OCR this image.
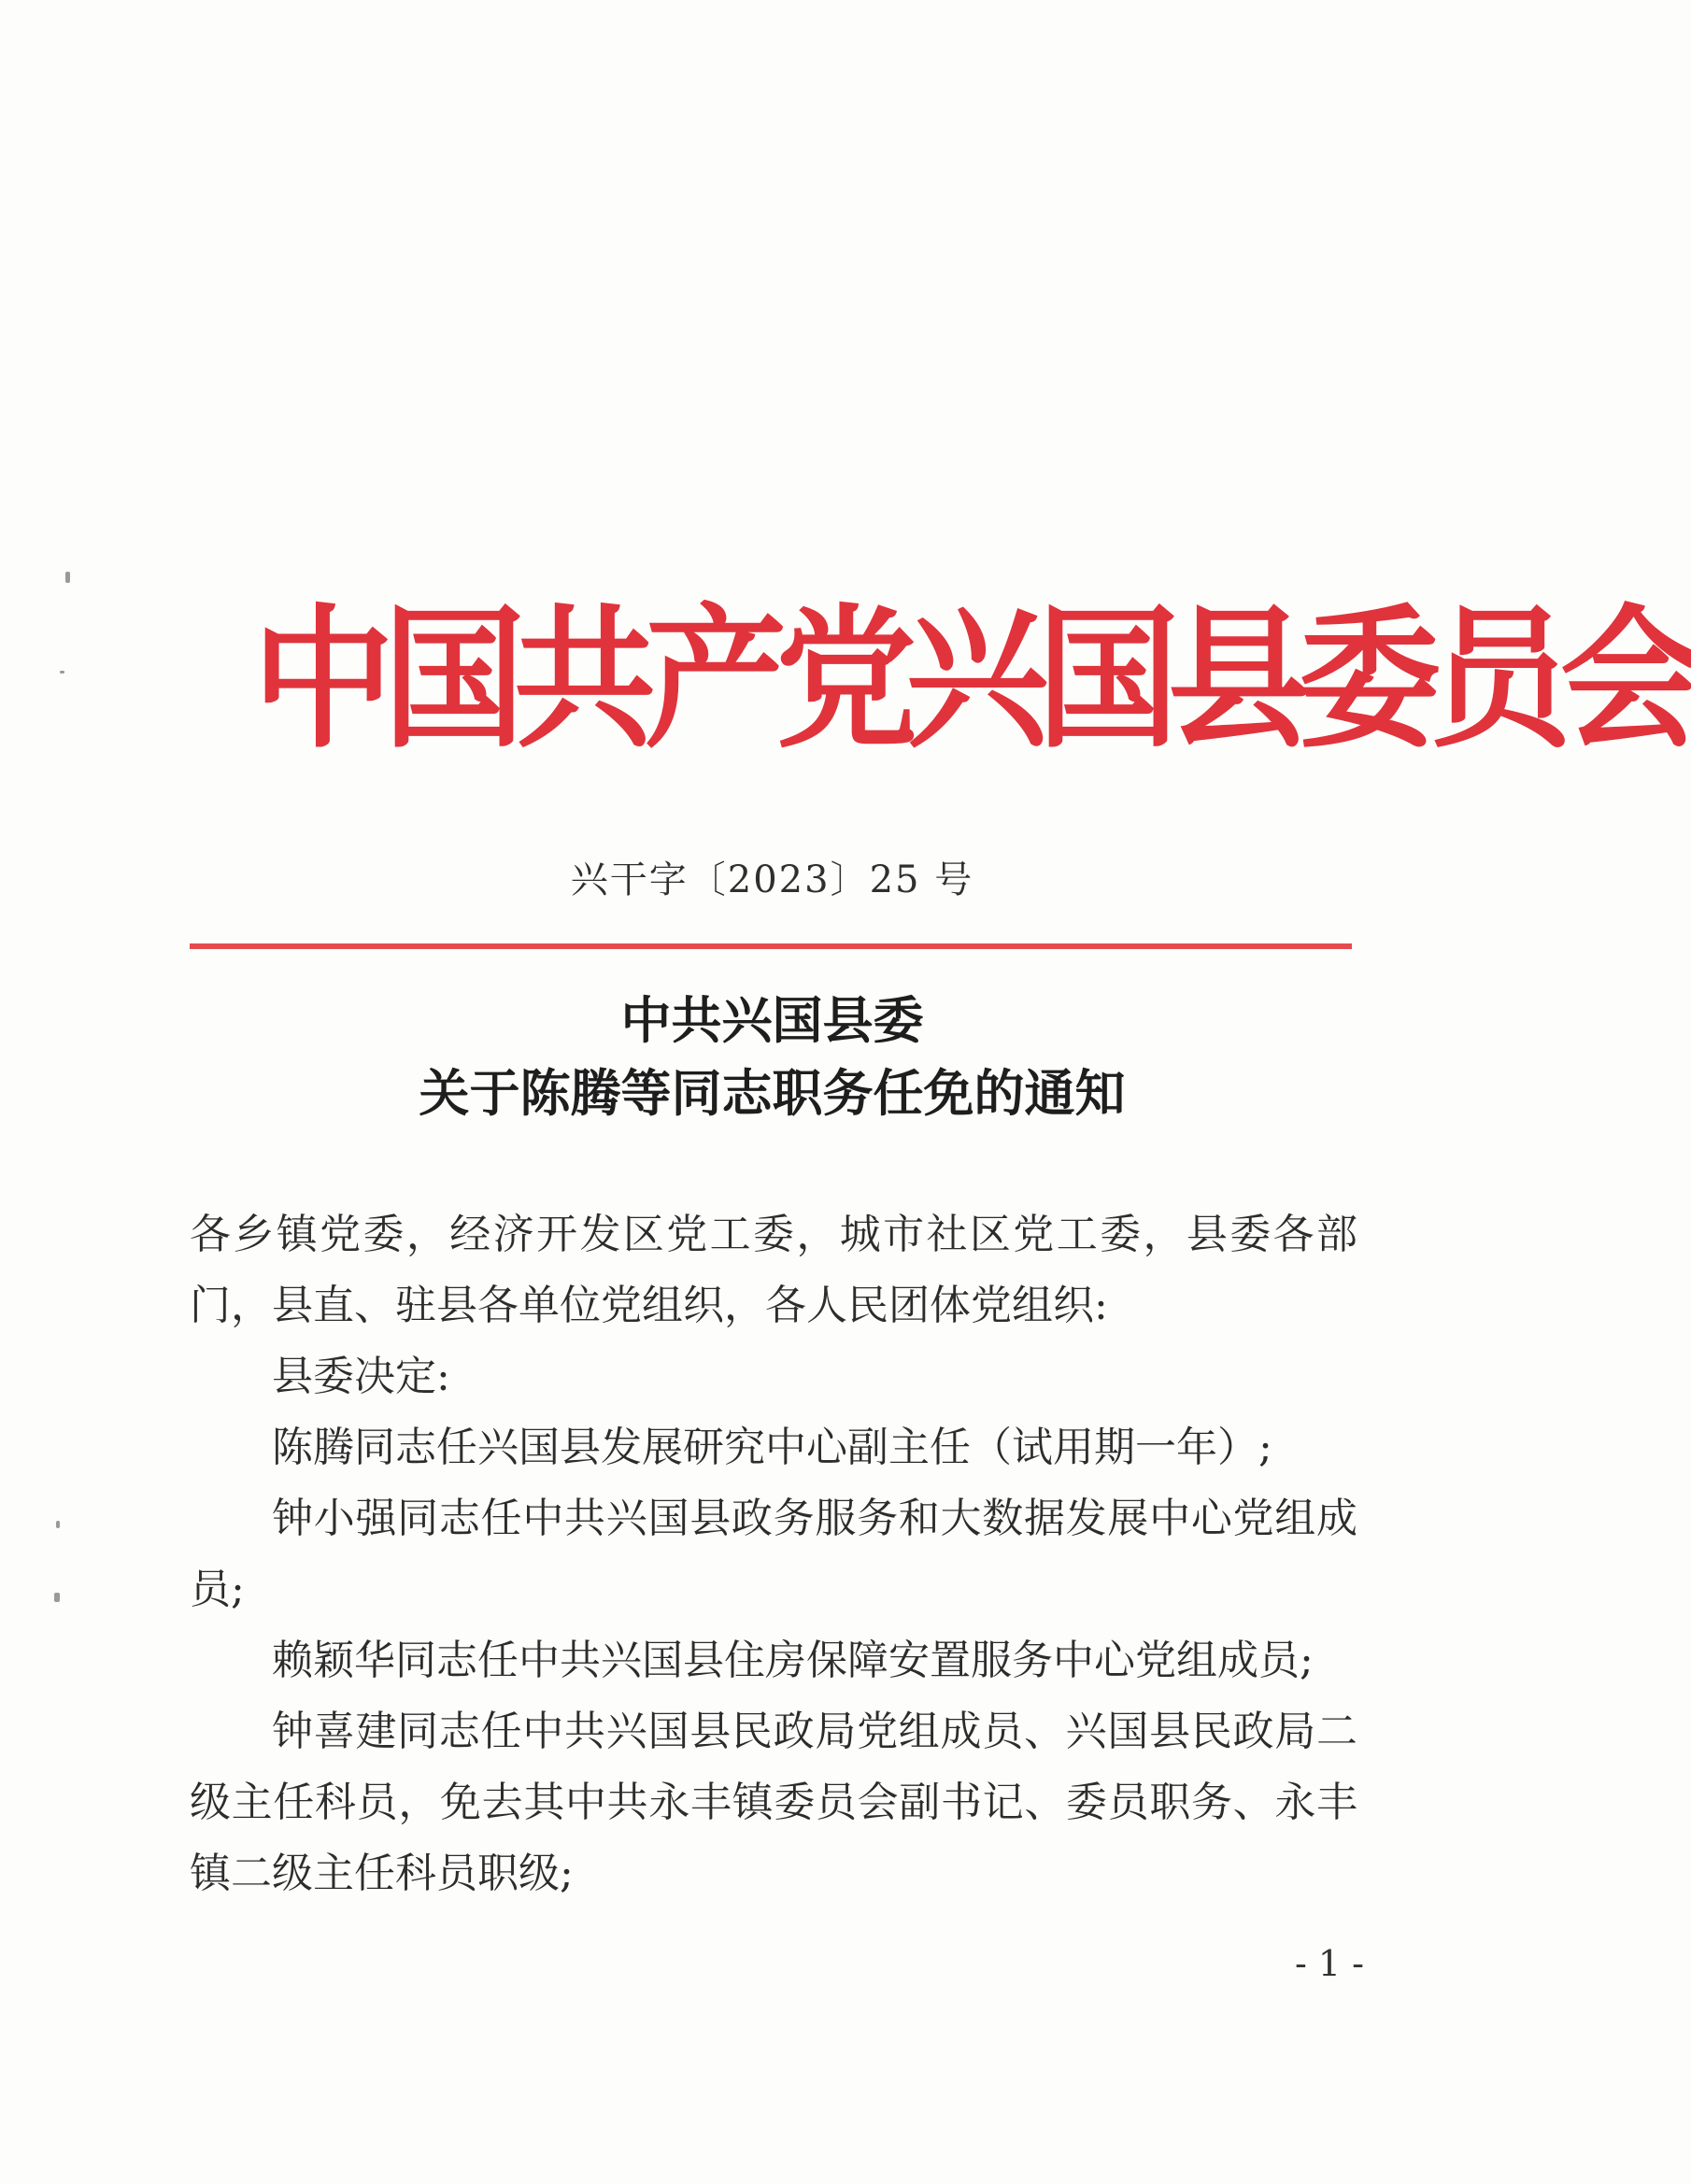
中国共产党兴国县委员会
兴干字〔2023〕25 号
中共兴国县委
关于陈腾等同志职务任免的通知

各乡镇党委，经济开发区党工委，城市社区党工委，县委各部门，县直、驻县各单位党组织，各人民团体党组织:

县委决定:

陈腾同志任兴国县发展研究中心副主任（试用期一年）;

钟小强同志任中共兴国县政务服务和大数据发展中心党组成员;

赖颖华同志任中共兴国县住房保障安置服务中心党组成员;

钟喜建同志任中共兴国县民政局党组成员、兴国县民政局二级主任科员，免去其中共永丰镇委员会副书记、委员职务、永丰镇二级主任科员职级;

- 1 -
